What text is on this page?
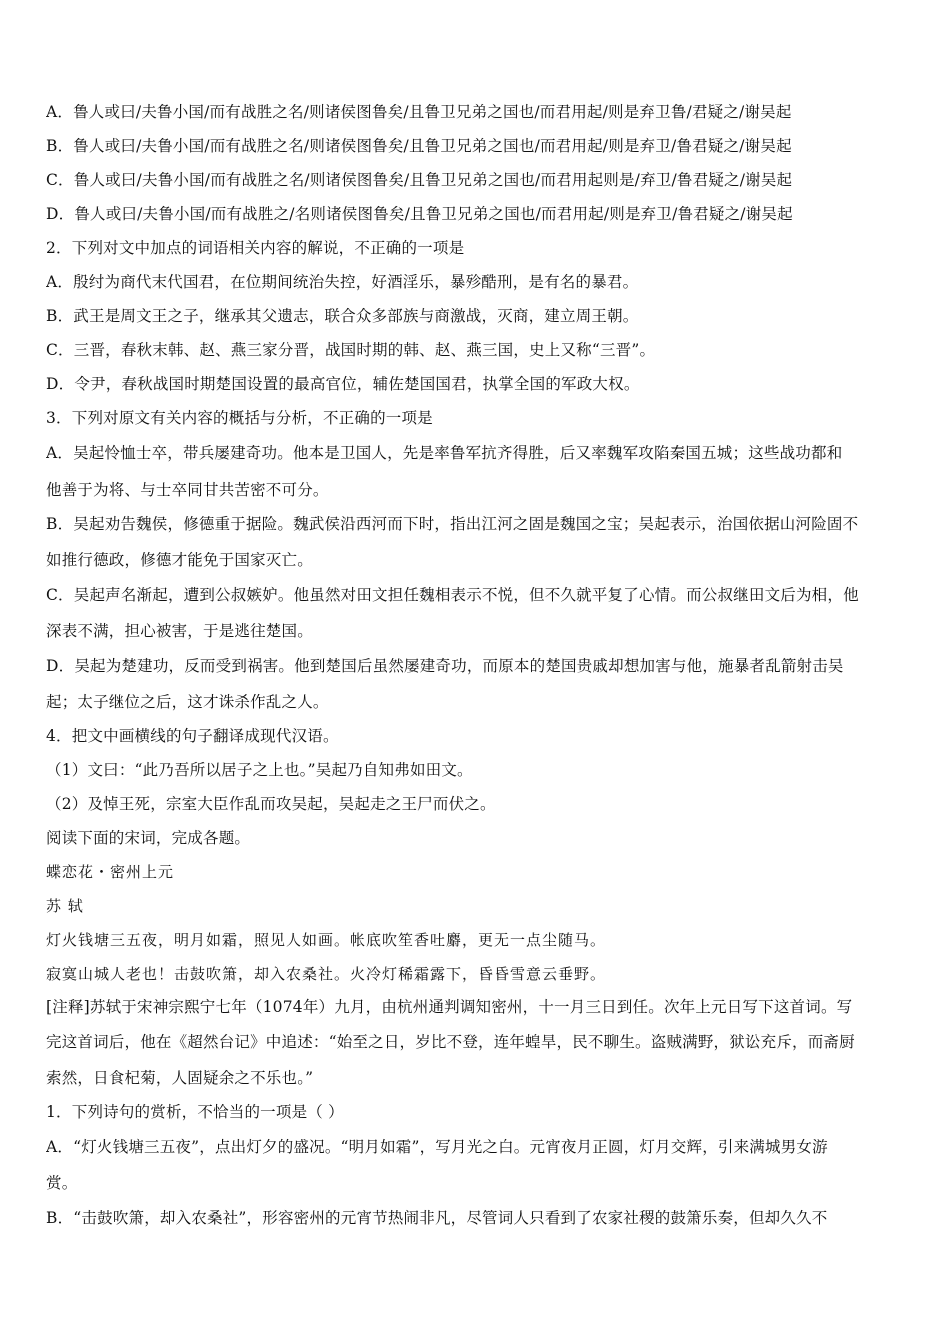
A．鲁人或曰/夫鲁小国/而有战胜之名/则诸侯图鲁矣/且鲁卫兄弟之国也/而君用起/则是弃卫鲁/君疑之/谢吴起
B．鲁人或曰/夫鲁小国/而有战胜之名/则诸侯图鲁矣/且鲁卫兄弟之国也/而君用起/则是弃卫/鲁君疑之/谢吴起
C．鲁人或曰/夫鲁小国/而有战胜之名/则诸侯图鲁矣/且鲁卫兄弟之国也/而君用起则是/弃卫/鲁君疑之/谢吴起
D．鲁人或曰/夫鲁小国/而有战胜之/名则诸侯图鲁矣/且鲁卫兄弟之国也/而君用起/则是弃卫/鲁君疑之/谢吴起
2．下列对文中加点的词语相关内容的解说，不正确的一项是
A．殷纣为商代末代国君，在位期间统治失控，好酒淫乐，暴殄酷刑，是有名的暴君。
B．武王是周文王之子，继承其父遗志，联合众多部族与商激战，灭商，建立周王朝。
C．三晋，春秋末韩、赵、燕三家分晋，战国时期的韩、赵、燕三国，史上又称“三晋”。
D．令尹，春秋战国时期楚国设置的最高官位，辅佐楚国国君，执掌全国的军政大权。
3．下列对原文有关内容的概括与分析，不正确的一项是
A．吴起怜恤士卒，带兵屡建奇功。他本是卫国人，先是率鲁军抗齐得胜，后又率魏军攻陷秦国五城；这些战功都和
他善于为将、与士卒同甘共苦密不可分。
B．吴起劝告魏侯，修德重于据险。魏武侯沿西河而下时，指出江河之固是魏国之宝；吴起表示，治国依据山河险固不
如推行德政，修德才能免于国家灭亡。
C．吴起声名渐起，遭到公叔嫉妒。他虽然对田文担任魏相表示不悦，但不久就平复了心情。而公叔继田文后为相，他
深表不满，担心被害，于是逃往楚国。
D．吴起为楚建功，反而受到祸害。他到楚国后虽然屡建奇功，而原本的楚国贵戚却想加害与他，施暴者乱箭射击吴
起；太子继位之后，这才诛杀作乱之人。
4．把文中画横线的句子翻译成现代汉语。
（1）文曰：“此乃吾所以居子之上也。”吴起乃自知弗如田文。
（2）及悼王死，宗室大臣作乱而攻吴起，吴起走之王尸而伏之。
阅读下面的宋词，完成各题。
蝶恋花・密州上元
苏 轼
灯火钱塘三五夜，明月如霜，照见人如画。帐底吹笙香吐麝，更无一点尘随马。
寂寞山城人老也！击鼓吹箫，却入农桑社。火冷灯稀霜露下，昏昏雪意云垂野。
[注释]苏轼于宋神宗熙宁七年（1074年）九月，由杭州通判调知密州，十一月三日到任。次年上元日写下这首词。写
完这首词后，他在《超然台记》中追述：“始至之日，岁比不登，连年蝗旱，民不聊生。盗贼满野，狱讼充斥，而斋厨
索然，日食杞菊，人固疑余之不乐也。”
1．下列诗句的赏析，不恰当的一项是（ ）
A．“灯火钱塘三五夜”，点出灯夕的盛况。“明月如霜”，写月光之白。元宵夜月正圆，灯月交辉，引来满城男女游
赏。
B．“击鼓吹箫，却入农桑社”，形容密州的元宵节热闹非凡，尽管词人只看到了农家社稷的鼓箫乐奏，但却久久不
